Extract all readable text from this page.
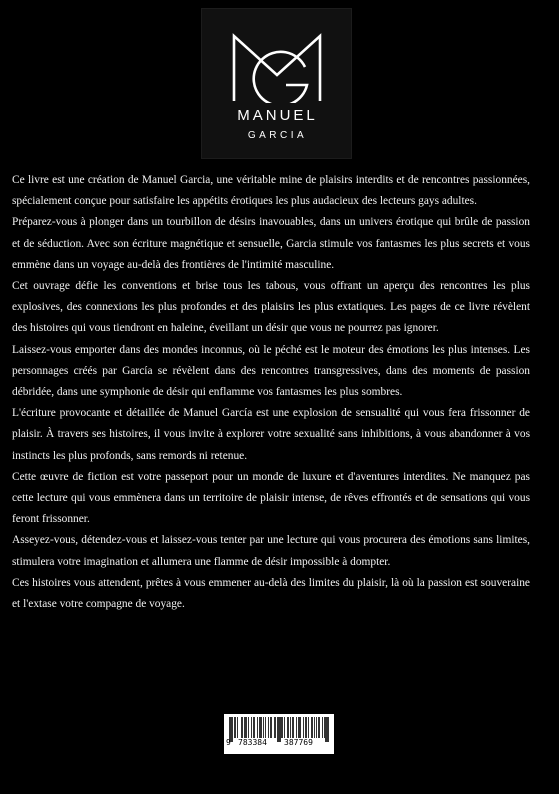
MANUEL
GARCIA

Ce livre est une création de Manuel Garcia, une véritable mine de plaisirs interdits et de rencontres passionnées, spécialement conçue pour satisfaire les appétits érotiques les plus audacieux des lecteurs gays adultes.

Préparez-vous à plonger dans un tourbillon de désirs inavouables, dans un univers érotique qui brûle de passion et de séduction. Avec son écriture magnétique et sensuelle, Garcia stimule vos fantasmes les plus secrets et vous emmène dans un voyage au-delà des frontières de l'intimité masculine.

Cet ouvrage défie les conventions et brise tous les tabous, vous offrant un aperçu des rencontres les plus explosives, des connexions les plus profondes et des plaisirs les plus extatiques. Les pages de ce livre révèlent des histoires qui vous tiendront en haleine, éveillant un désir que vous ne pourrez pas ignorer.

Laissez-vous emporter dans des mondes inconnus, où le péché est le moteur des émotions les plus intenses. Les personnages créés par García se révèlent dans des rencontres transgressives, dans des moments de passion débridée, dans une symphonie de désir qui enflamme vos fantasmes les plus sombres.

L'écriture provocante et détaillée de Manuel García est une explosion de sensualité qui vous fera frissonner de plaisir. À travers ses histoires, il vous invite à explorer votre sexualité sans inhibitions, à vous abandonner à vos instincts les plus profonds, sans remords ni retenue.

Cette œuvre de fiction est votre passeport pour un monde de luxure et d'aventures interdites. Ne manquez pas cette lecture qui vous emmènera dans un territoire de plaisir intense, de rêves effrontés et de sensations qui vous feront frissonner.

Asseyez-vous, détendez-vous et laissez-vous tenter par une lecture qui vous procurera des émotions sans limites, stimulera votre imagination et allumera une flamme de désir impossible à dompter.

Ces histoires vous attendent, prêtes à vous emmener au-delà des limites du plaisir, là où la passion est souveraine et l'extase votre compagne de voyage.

9 783384 387769
